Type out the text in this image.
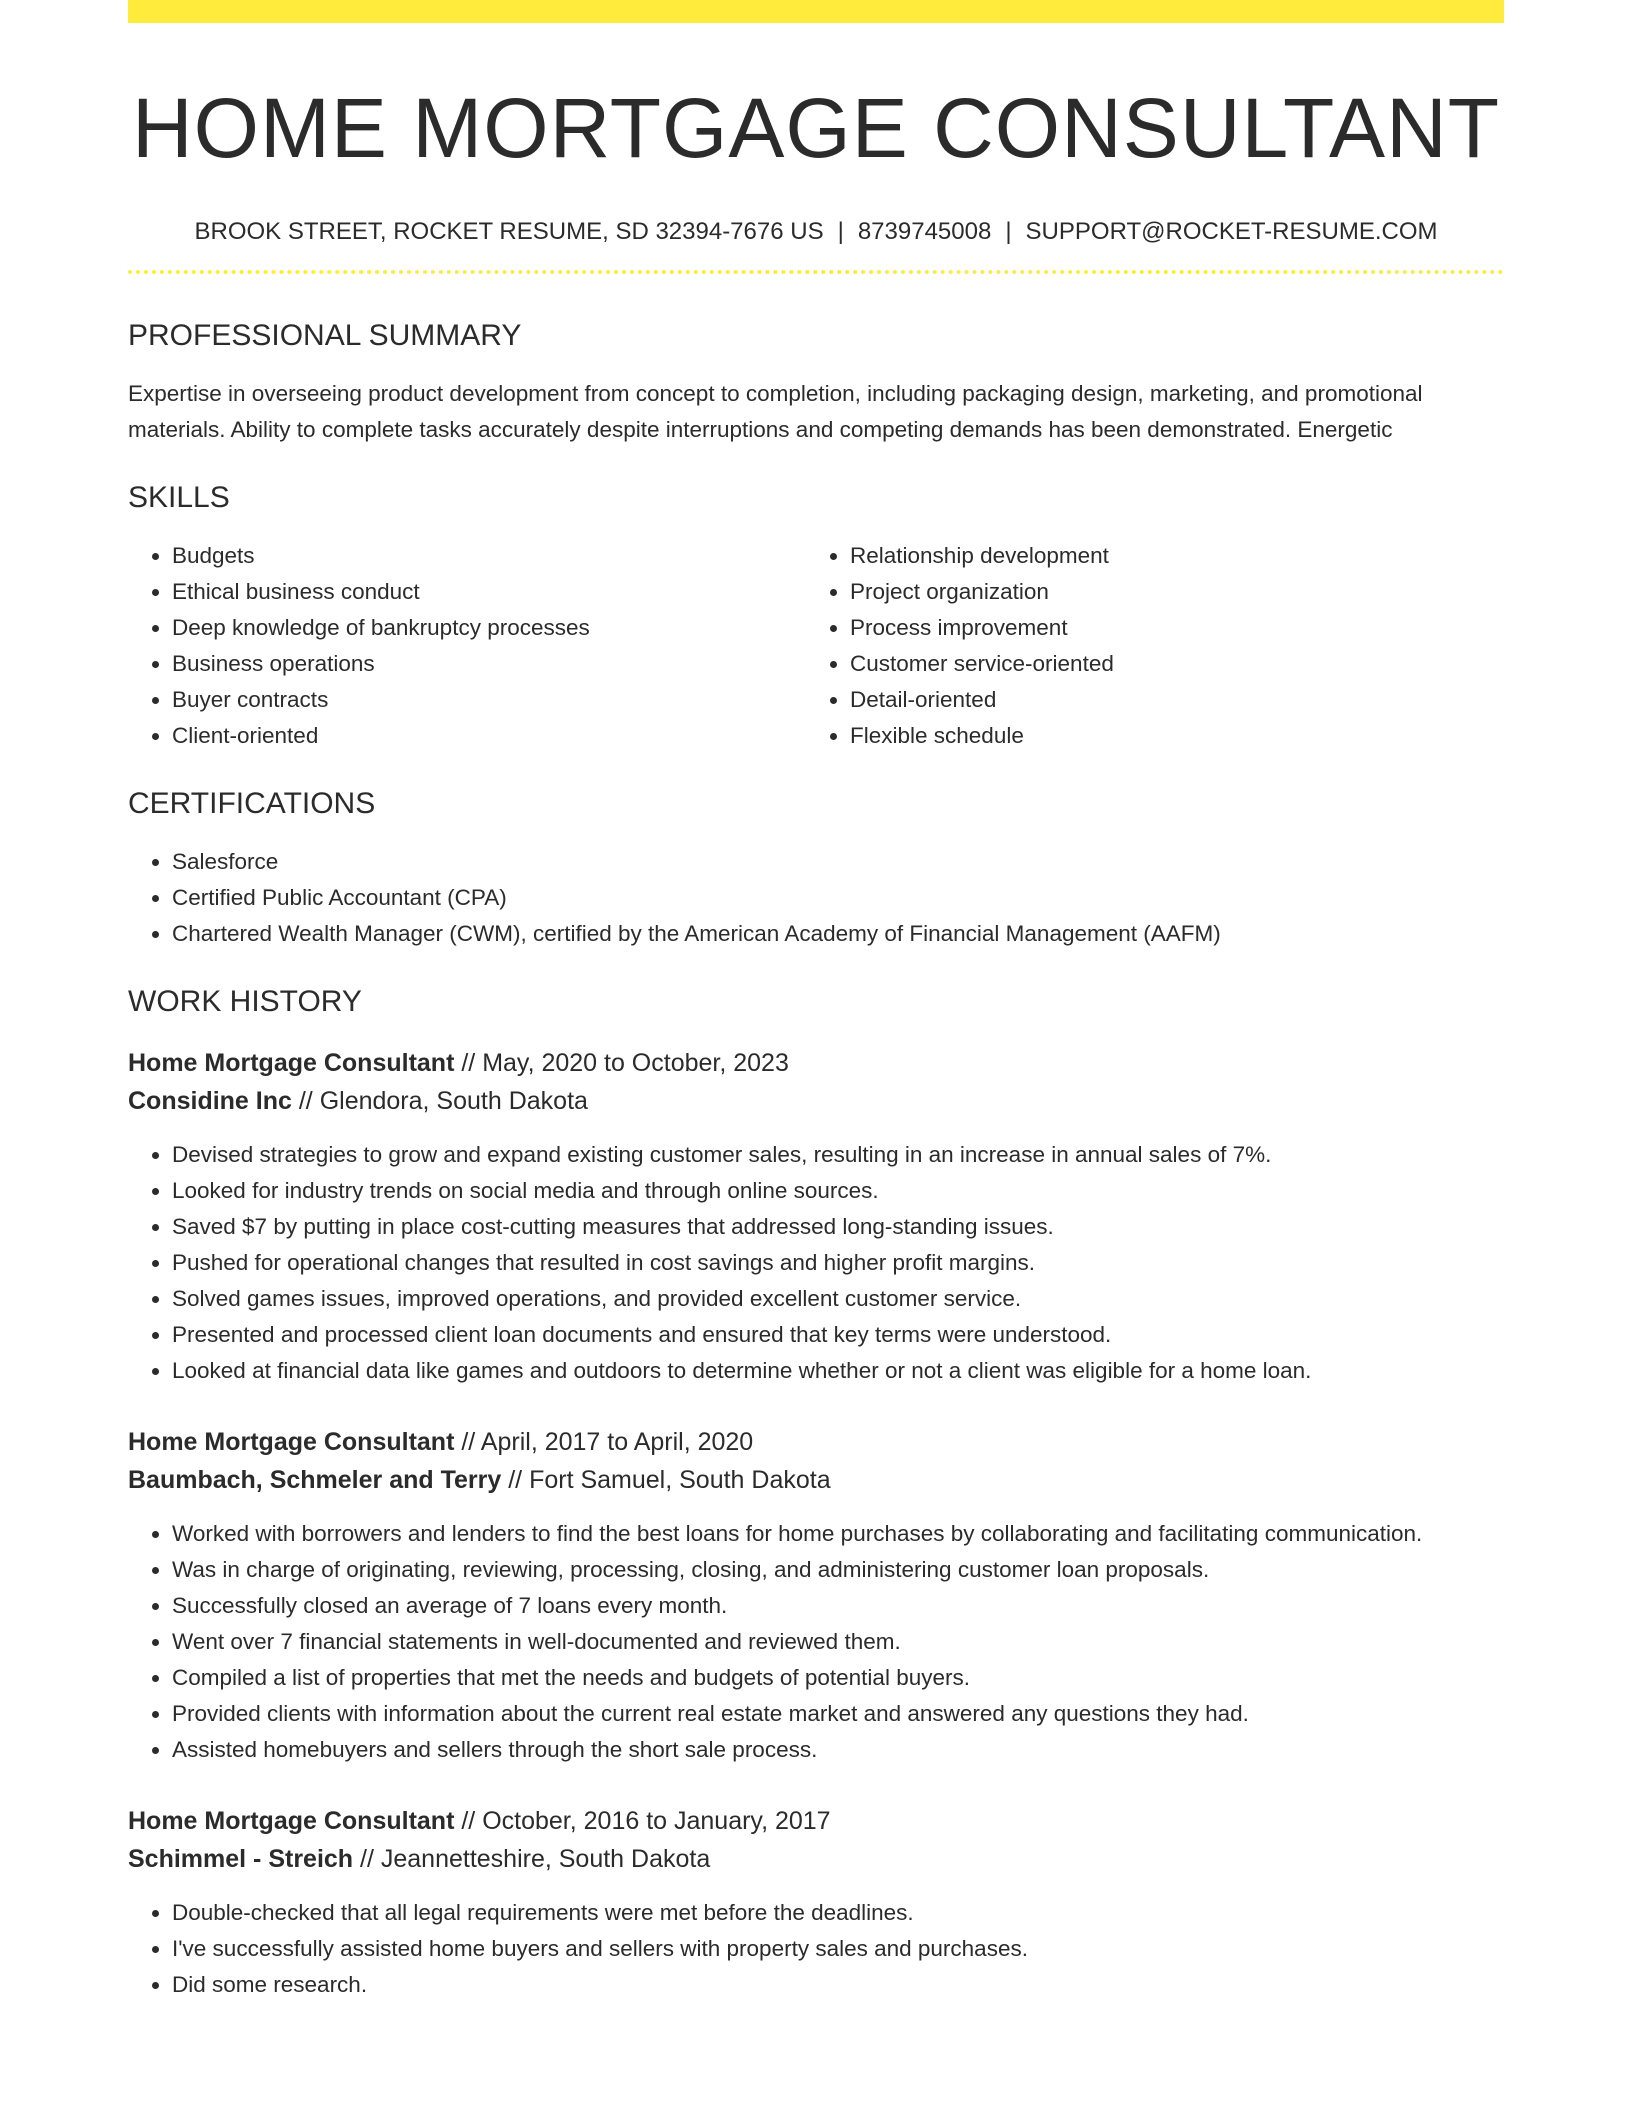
HOME MORTGAGE CONSULTANT
BROOK STREET, ROCKET RESUME, SD 32394-7676 US | 8739745008 | SUPPORT@ROCKET-RESUME.COM
PROFESSIONAL SUMMARY

Expertise in overseeing product development from concept to completion, including packaging design, marketing, and promotional materials. Ability to complete tasks accurately despite interruptions and competing demands has been demonstrated. Energetic

SKILLS
• Budgets
• Ethical business conduct
• Deep knowledge of bankruptcy processes
• Business operations
• Buyer contracts
• Client-oriented
• Relationship development
• Project organization
• Process improvement
• Customer service-oriented
• Detail-oriented
• Flexible schedule
CERTIFICATIONS
• Salesforce
• Certified Public Accountant (CPA)
• Chartered Wealth Manager (CWM), certified by the American Academy of Financial Management (AAFM)
WORK HISTORY
Home Mortgage Consultant // May, 2020 to October, 2023
Considine Inc // Glendora, South Dakota
• Devised strategies to grow and expand existing customer sales, resulting in an increase in annual sales of 7%.
• Looked for industry trends on social media and through online sources.
• Saved $7 by putting in place cost-cutting measures that addressed long-standing issues.
• Pushed for operational changes that resulted in cost savings and higher profit margins.
• Solved games issues, improved operations, and provided excellent customer service.
• Presented and processed client loan documents and ensured that key terms were understood.
• Looked at financial data like games and outdoors to determine whether or not a client was eligible for a home loan.
Home Mortgage Consultant // April, 2017 to April, 2020
Baumbach, Schmeler and Terry // Fort Samuel, South Dakota
• Worked with borrowers and lenders to find the best loans for home purchases by collaborating and facilitating communication.
• Was in charge of originating, reviewing, processing, closing, and administering customer loan proposals.
• Successfully closed an average of 7 loans every month.
• Went over 7 financial statements in well-documented and reviewed them.
• Compiled a list of properties that met the needs and budgets of potential buyers.
• Provided clients with information about the current real estate market and answered any questions they had.
• Assisted homebuyers and sellers through the short sale process.
Home Mortgage Consultant // October, 2016 to January, 2017
Schimmel - Streich // Jeannetteshire, South Dakota
• Double-checked that all legal requirements were met before the deadlines.
• I've successfully assisted home buyers and sellers with property sales and purchases.
• Did some research.
